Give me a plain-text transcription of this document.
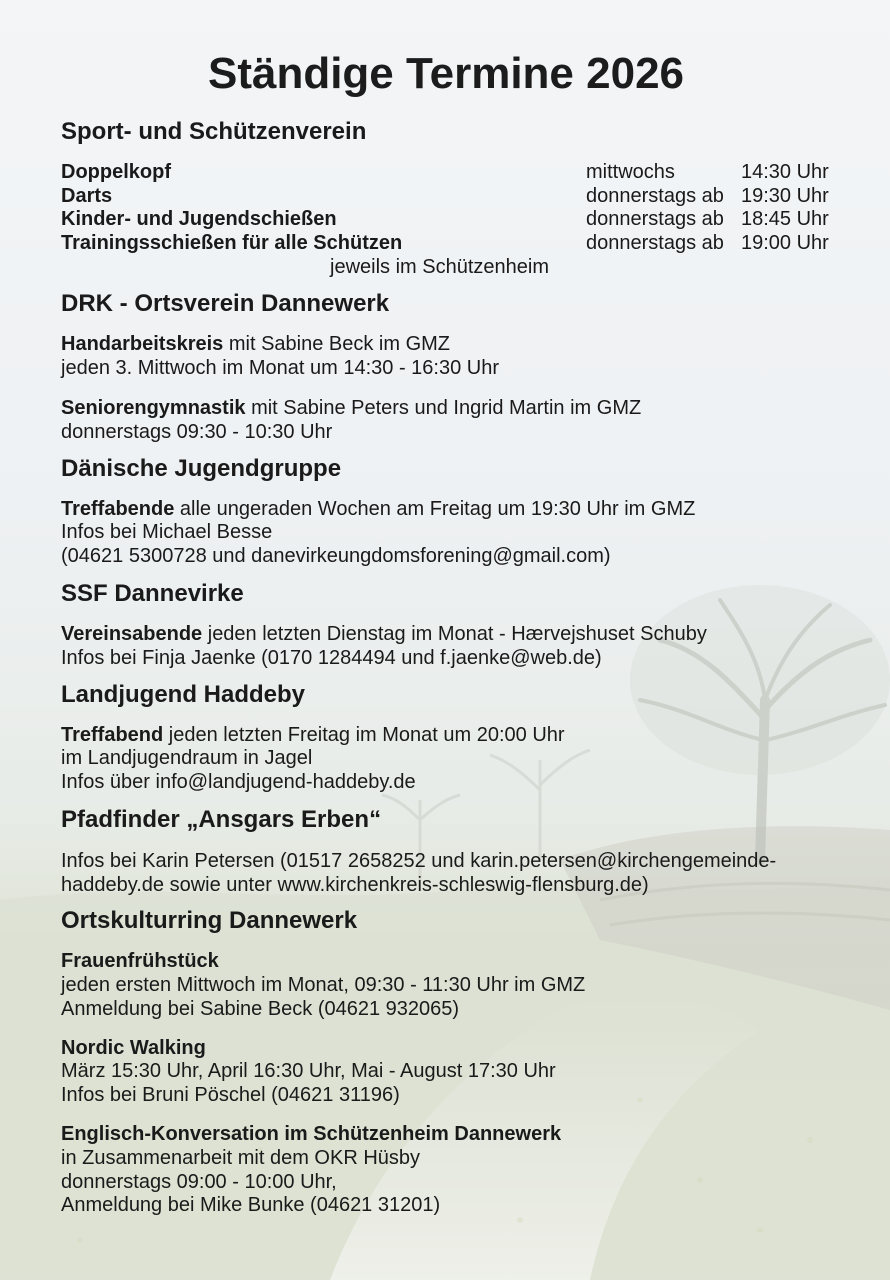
Ständige Termine 2026
Sport- und Schützenverein
Doppelkopf	mittwochs	14:30 Uhr
Darts	donnerstags ab 19:30 Uhr
Kinder- und Jugendschießen	donnerstags ab 18:45 Uhr
Trainingsschießen für alle Schützen	donnerstags ab 19:00 Uhr
jeweils im Schützenheim
DRK - Ortsverein Dannewerk
Handarbeitskreis mit Sabine Beck im GMZ
jeden 3. Mittwoch im Monat um 14:30 - 16:30 Uhr
Seniorengymnastik mit Sabine Peters und Ingrid Martin im GMZ
donnerstags 09:30 - 10:30 Uhr
Dänische Jugendgruppe
Treffabende alle ungeraden Wochen am Freitag um 19:30 Uhr im GMZ
Infos bei Michael Besse
(04621 5300728 und danevirkeungdomsforening@gmail.com)
SSF Dannevirke
Vereinsabende jeden letzten Dienstag im Monat - Hærvejshuset Schuby
Infos bei Finja Jaenke (0170 1284494 und f.jaenke@web.de)
Landjugend Haddeby
Treffabend jeden letzten Freitag im Monat um 20:00 Uhr
im Landjugendraum in Jagel
Infos über info@landjugend-haddeby.de
Pfadfinder „Ansgars Erben“
Infos bei Karin Petersen (01517 2658252 und karin.petersen@kirchengemeinde-
haddeby.de sowie unter www.kirchenkreis-schleswig-flensburg.de)
Ortskulturring Dannewerk
Frauenfrühstück
jeden ersten Mittwoch im Monat, 09:30 - 11:30 Uhr im GMZ
Anmeldung bei Sabine Beck (04621 932065)
Nordic Walking
März 15:30 Uhr, April 16:30 Uhr, Mai - August 17:30 Uhr
Infos bei Bruni Pöschel (04621 31196)
Englisch-Konversation im Schützenheim Dannewerk
in Zusammenarbeit mit dem OKR Hüsby
donnerstags 09:00 - 10:00 Uhr,
Anmeldung bei Mike Bunke (04621 31201)
